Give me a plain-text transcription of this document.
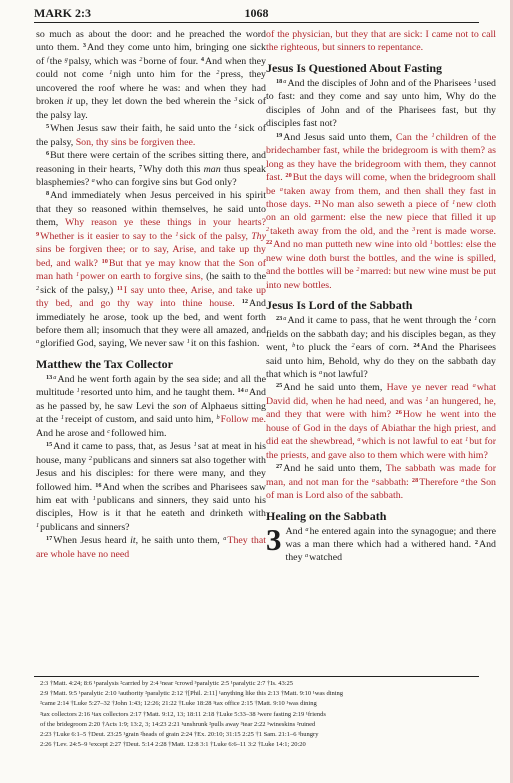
MARK 2:3	1068

so much as about the door: and he preached the word unto them. $^3$And they come unto him, bringing one sick of $^f$the $^g$palsy, which was $^2$borne of four. $^4$And when they could not come $^1$nigh unto him for the $^2$press, they uncovered the roof where he was: and when they had broken it up, they let down the bed wherein the $^3$sick of the palsy lay.

$^5$When Jesus saw their faith, he said unto the $^1$sick of the palsy, Son, thy sins be forgiven thee.

$^6$But there were certain of the scribes sitting there, and reasoning in their hearts, $^7$Why doth this man thus speak blasphemies? $^a$who can forgive sins but God only?

$^8$And immediately when Jesus perceived in his spirit that they so reasoned within themselves, he said unto them, Why reason ye these things in your hearts? $^9$Whether is it easier to say to the $^1$sick of the palsy, Thy sins be forgiven thee; or to say, Arise, and take up thy bed, and walk? $^{10}$But that ye may know that the Son of man hath $^1$power on earth to forgive sins, (he saith to the $^2$sick of the palsy,) $^{11}$I say unto thee, Arise, and take up thy bed, and go thy way into thine house. $^{12}$And immediately he arose, took up the bed, and went forth before them all; insomuch that they were all amazed, and $^a$glorified God, saying, We never saw $^1$it on this fashion.

Matthew the Tax Collector

$^{13a}$And he went forth again by the sea side; and all the multitude $^1$resorted unto him, and he taught them. $^{14a}$And as he passed by, he saw Levi the son of Alphaeus sitting at the $^1$receipt of custom, and said unto him, $^b$Follow me. And he arose and $^c$followed him.

$^{15}$And it came to pass, that, as Jesus $^1$sat at meat in his house, many $^2$publicans and sinners sat also together with Jesus and his disciples: for there were many, and they followed him. $^{16}$And when the scribes and Pharisees saw him eat with $^1$publicans and sinners, they said unto his disciples, How is it that he eateth and drinketh with $^1$publicans and sinners?

$^{17}$When Jesus heard it, he saith unto them, $^a$They that are whole have no need

of the physician, but they that are sick: I came not to call the righteous, but sinners to repentance.

Jesus Is Questioned About Fasting

$^{18a}$And the disciples of John and of the Pharisees $^1$used to fast: and they come and say unto him, Why do the disciples of John and of the Pharisees fast, but thy disciples fast not?

$^{19}$And Jesus said unto them, Can the $^1$children of the bridechamber fast, while the bridegroom is with them? as long as they have the bridegroom with them, they cannot fast. $^{20}$But the days will come, when the bridegroom shall be $^a$taken away from them, and then shall they fast in those days. $^{21}$No man also seweth a piece of $^1$new cloth on an old garment: else the new piece that filled it up $^2$taketh away from the old, and the $^3$rent is made worse. $^{22}$And no man putteth new wine into old $^1$bottles: else the new wine doth burst the bottles, and the wine is spilled, and the bottles will be $^2$marred: but new wine must be put into new bottles.

Jesus Is Lord of the Sabbath

$^{23a}$And it came to pass, that he went through the $^1$corn fields on the sabbath day; and his disciples began, as they went, $^b$to pluck the $^2$ears of corn. $^{24}$And the Pharisees said unto him, Behold, why do they on the sabbath day that which is $^a$not lawful?

$^{25}$And he said unto them, Have ye never read $^a$what David did, when he had need, and was $^1$an hungered, he, and they that were with him? $^{26}$How he went into the house of God in the days of Abiathar the high priest, and did eat the shewbread, $^a$which is not lawful to eat $^1$but for the priests, and gave also to them which were with him?

$^{27}$And he said unto them, The sabbath was made for man, and not man for the $^a$sabbath: $^{28}$Therefore $^a$the Son of man is Lord also of the sabbath.

Healing on the Sabbath

3 And $^a$he entered again into the synagogue; and there was a man there which had a withered hand. $^2$And they $^a$watched

2:3 †Matt. 4:24; 8:6 ¹paralysis ²carried by 2:4 ¹near ²crowd ³paralytic 2:5 ¹paralytic 2:7 †Is. 43:25
2:9 †Matt. 9:5 ¹paralytic 2:10 ¹authority ²paralytic 2:12 †[Phil. 2:11] ¹anything like this 2:13 †Matt. 9:10 ¹was dining
²came 2:14 †Luke 5:27–32 †John 1:43; 12:26; 21:22 †Luke 18:28 ¹tax office 2:15 †Matt. 9:10 ¹was dining
²tax collectors 2:16 ¹tax collectors 2:17 †Matt. 9:12, 13; 18:11 2:18 †Luke 5:33–38 ¹were fasting 2:19 ¹friends
of the bridegroom 2:20 †Acts 1:9; 13:2, 3; 14:23 2:21 ¹unshrunk ²pulls away ³tear 2:22 ¹wineskins ²ruined
2:23 †Luke 6:1–5 †Deut. 23:25 ¹grain ²heads of grain 2:24 †Ex. 20:10; 31:15 2:25 †1 Sam. 21:1–6 ¹hungry
2:26 †Lev. 24:5–9 ¹except 2:27 †Deut. 5:14 2:28 †Matt. 12:8 3:1 †Luke 6:6–11 3:2 †Luke 14:1; 20:20
